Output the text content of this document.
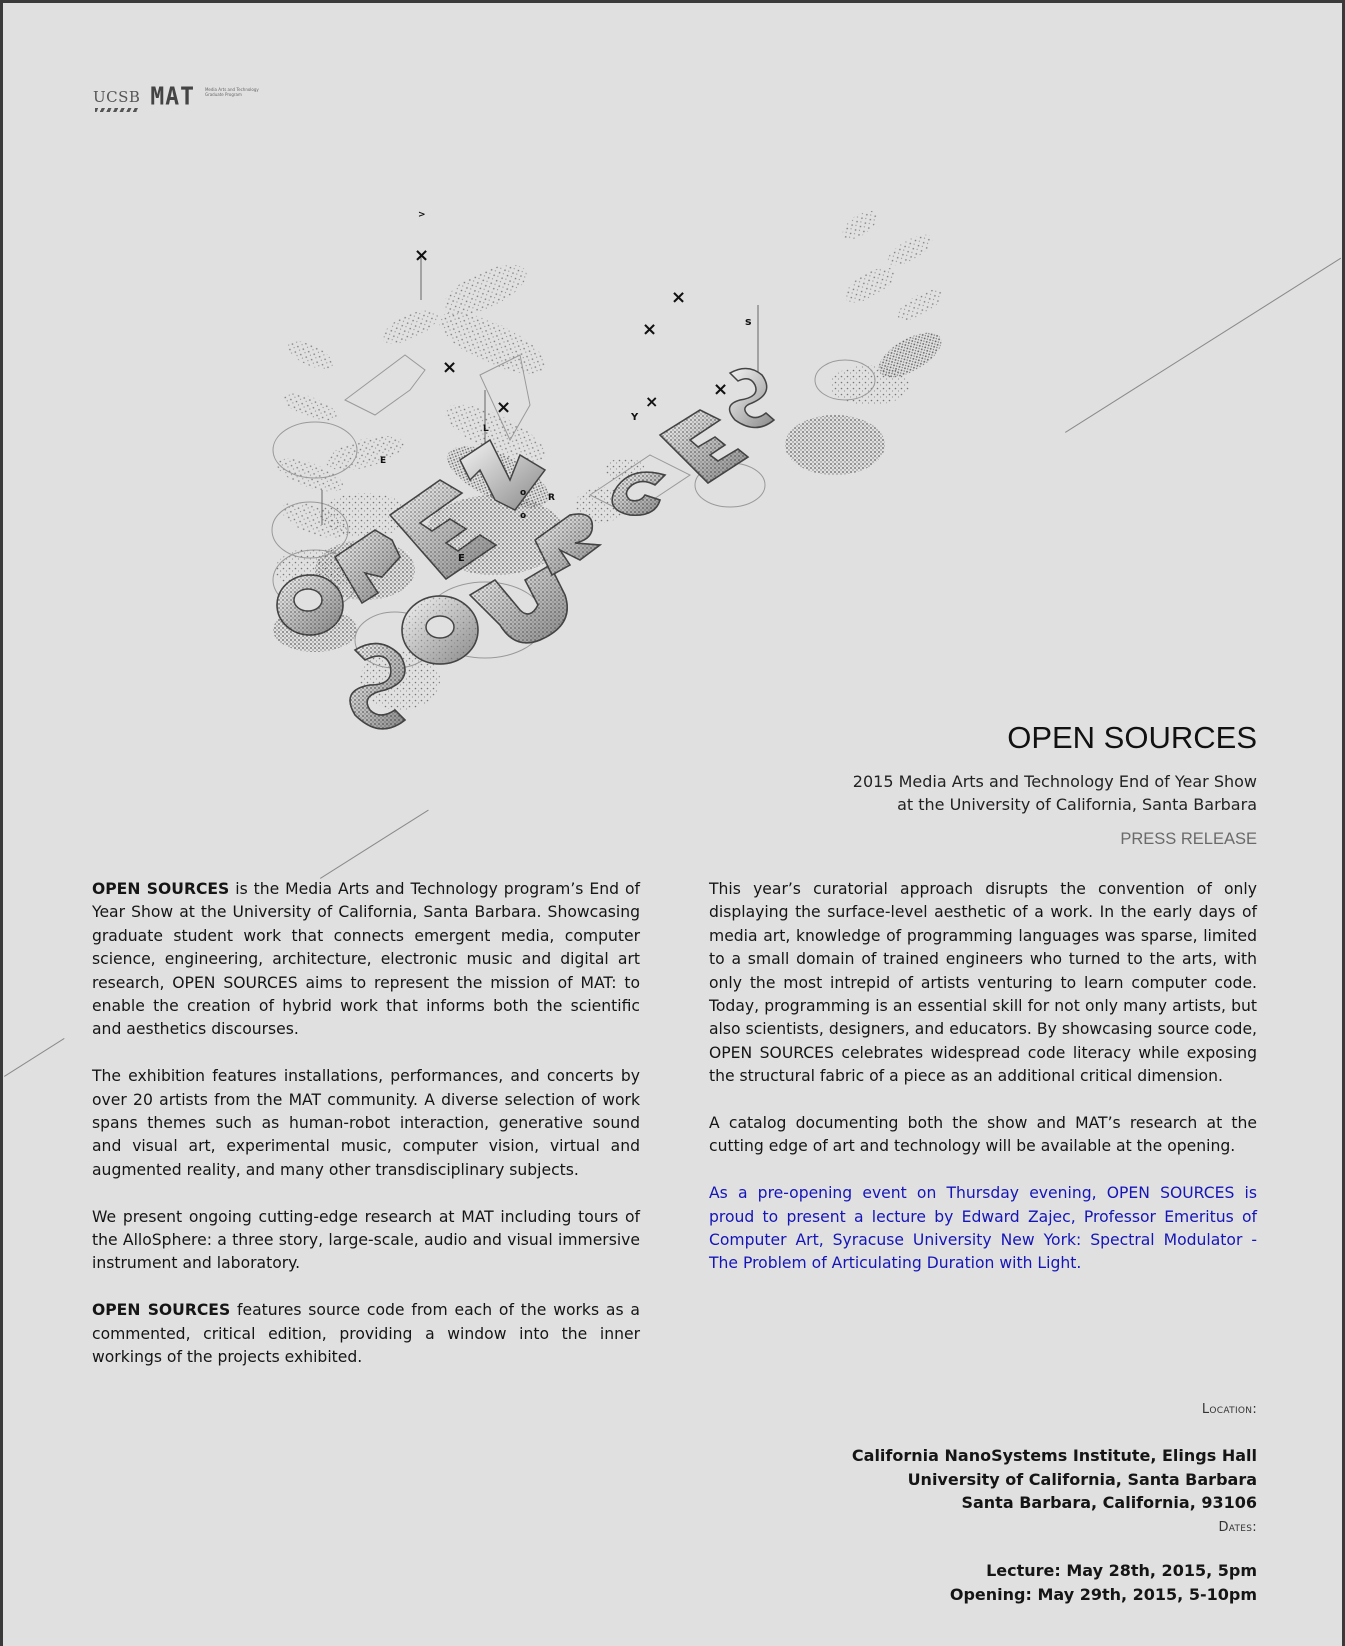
UCSB MAT	Media Arts and Technology Graduate Program
×
×
×
×
×
×
×
s
Y
E
o
o
R
L
>
E
OPEN SOURCES
2015 Media Arts and Technology End of Year Show
at the University of California, Santa Barbara
PRESS RELEASE

OPEN SOURCES is the Media Arts and Technology program’s End of Year Show at the University of California, Santa Barbara. Showcasing graduate student work that connects emergent media, computer science, engineering, architecture, electronic music and digital art research, OPEN SOURCES aims to represent the mission of MAT: to enable the creation of hybrid work that informs both the scientific and aesthetics discourses.

The exhibition features installations, performances, and concerts by over 20 artists from the MAT community. A diverse selection of work spans themes such as human-robot interaction, generative sound and visual art, experimental music, computer vision, virtual and augmented reality, and many other transdisciplinary subjects.

We present ongoing cutting-edge research at MAT including tours of the AlloSphere: a three story, large-scale, audio and visual immersive instrument and laboratory.

OPEN SOURCES features source code from each of the works as a commented, critical edition, providing a window into the inner workings of the projects exhibited.

This year’s curatorial approach disrupts the convention of only displaying the surface-level aesthetic of a work. In the early days of media art, knowledge of programming languages was sparse, limited to a small domain of trained engineers who turned to the arts, with only the most intrepid of artists venturing to learn computer code. Today, programming is an essential skill for not only many artists, but also scientists, designers, and educators. By showcasing source code, OPEN SOURCES celebrates widespread code literacy while exposing the structural fabric of a piece as an additional critical dimension.

A catalog documenting both the show and MAT’s research at the cutting edge of art and technology will be available at the opening.

As a pre-opening event on Thursday evening, OPEN SOURCES is proud to present a lecture by Edward Zajec, Professor Emeritus of Computer Art, Syracuse University New York: Spectral Modulator - The Problem of Articulating Duration with Light.

Location:
California NanoSystems Institute, Elings Hall
University of California, Santa Barbara
Santa Barbara, California, 93106
Dates:
Lecture: May 28th, 2015, 5pm
Opening: May 29th, 2015, 5-10pm
